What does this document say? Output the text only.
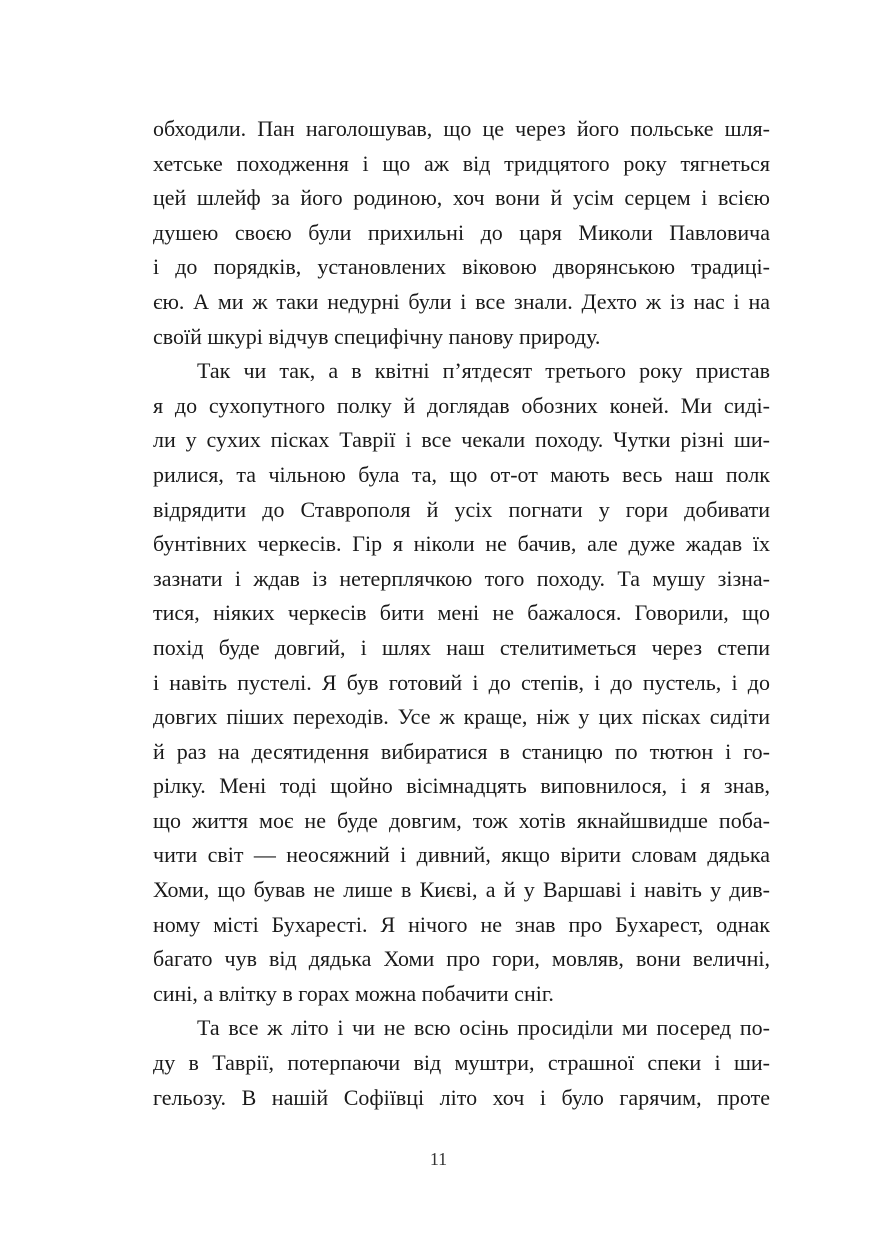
обходили. Пан наголошував, що це через його польське шля-
хетське походження і що аж від тридцятого року тягнеться
цей шлейф за його родиною, хоч вони й усім серцем і всією
душею своєю були прихильні до царя Миколи Павловича
і до порядків, установлених віковою дворянською традиці-
єю. А ми ж таки недурні були і все знали. Дехто ж із нас і на
своїй шкурі відчув специфічну панову природу.
Так чи так, а в квітні п’ятдесят третього року пристав
я до сухопутного полку й доглядав обозних коней. Ми сиді-
ли у сухих пісках Таврії і все чекали походу. Чутки різні ши-
рилися, та чільною була та, що от-от мають весь наш полк
відрядити до Ставрополя й усіх погнати у гори добивати
бунтівних черкесів. Гір я ніколи не бачив, але дуже жадав їх
зазнати і ждав із нетерплячкою того походу. Та мушу зізна-
тися, ніяких черкесів бити мені не бажалося. Говорили, що
похід буде довгий, і шлях наш стелитиметься через степи
і навіть пустелі. Я був готовий і до степів, і до пустель, і до
довгих піших переходів. Усе ж краще, ніж у цих пісках сидіти
й раз на десятидення вибиратися в станицю по тютюн і го-
рілку. Мені тоді щойно вісімнадцять виповнилося, і я знав,
що життя моє не буде довгим, тож хотів якнайшвидше поба-
чити світ — неосяжний і дивний, якщо вірити словам дядька
Хоми, що бував не лише в Києві, а й у Варшаві і навіть у див-
ному місті Бухаресті. Я нічого не знав про Бухарест, однак
багато чув від дядька Хоми про гори, мовляв, вони величні,
сині, а влітку в горах можна побачити сніг.
Та все ж літо і чи не всю осінь просиділи ми посеред по-
ду в Таврії, потерпаючи від муштри, страшної спеки і ши-
гельозу. В нашій Софіївці літо хоч і було гарячим, проте
11
